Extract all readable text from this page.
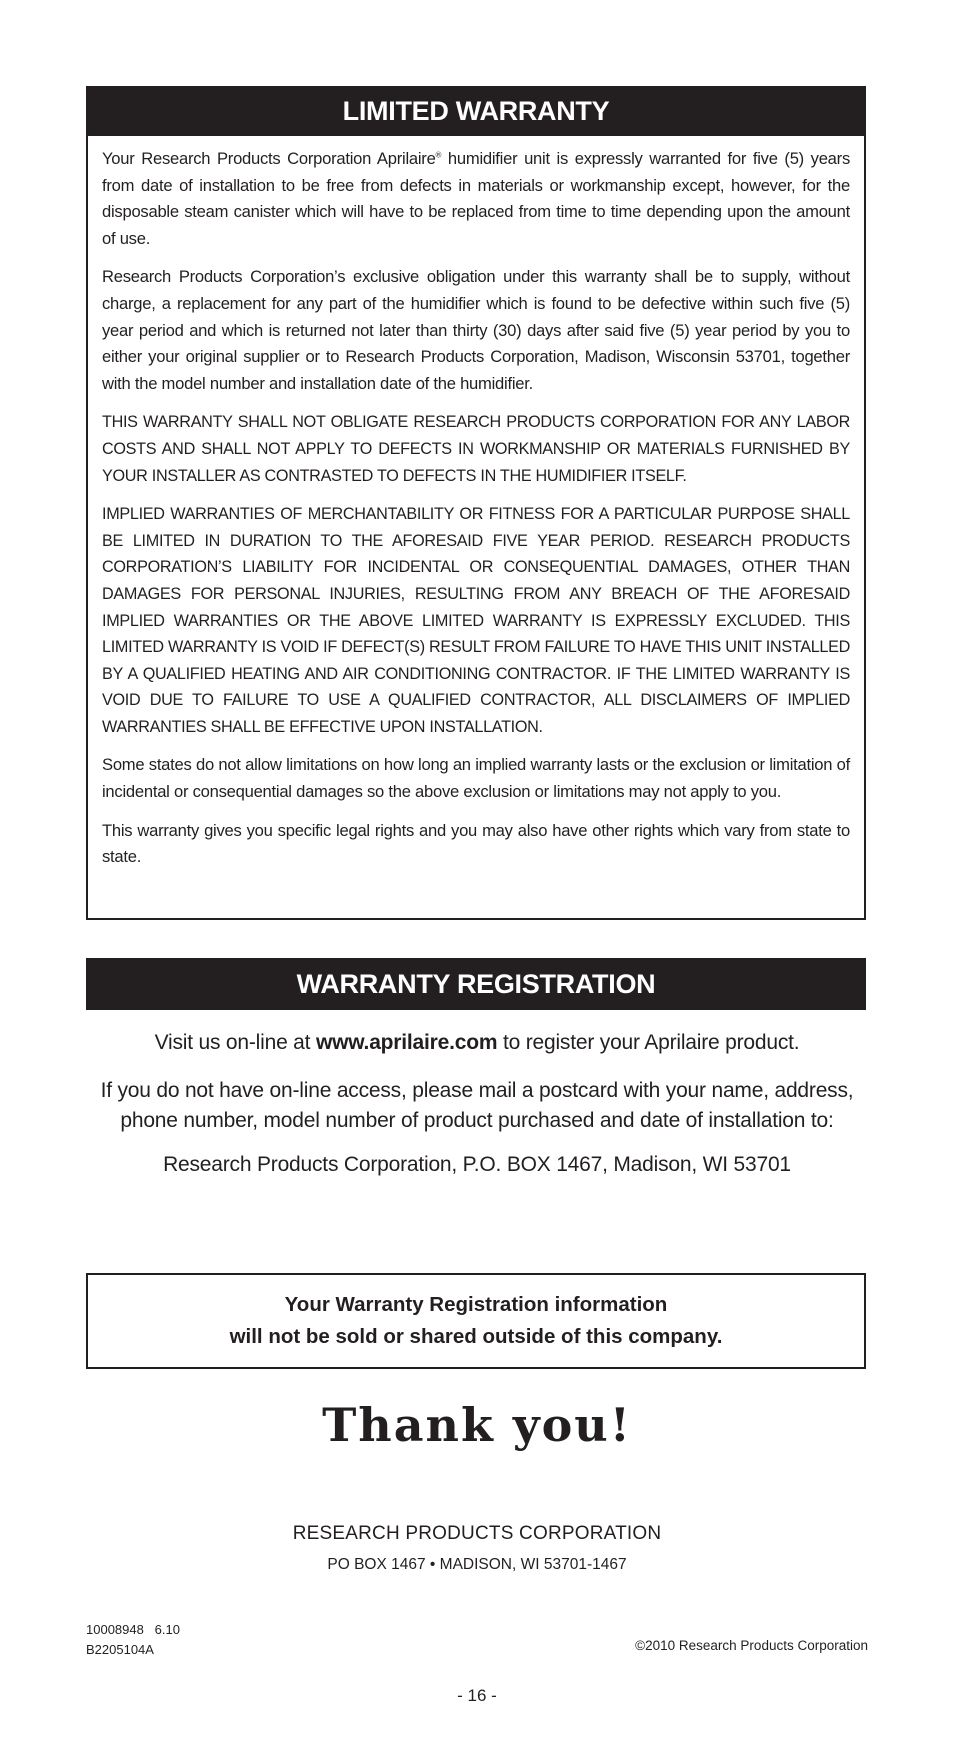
LIMITED WARRANTY

Your Research Products Corporation Aprilaire® humidifier unit is expressly warranted for five (5) years from date of installation to be free from defects in materials or workmanship except, however, for the disposable steam canister which will have to be replaced from time to time depending upon the amount of use.

Research Products Corporation’s exclusive obligation under this warranty shall be to supply, without charge, a replacement for any part of the humidifier which is found to be defective within such five (5) year period and which is returned not later than thirty (30) days after said five (5) year period by you to either your original supplier or to Research Products Corporation, Madison, Wisconsin 53701, together with the model number and installation date of the humidifier.

THIS WARRANTY SHALL NOT OBLIGATE RESEARCH PRODUCTS CORPORATION FOR ANY LABOR COSTS AND SHALL NOT APPLY TO DEFECTS IN WORKMANSHIP OR MATERIALS FURNISHED BY YOUR INSTALLER AS CONTRASTED TO DEFECTS IN THE HUMIDIFIER ITSELF.

IMPLIED WARRANTIES OF MERCHANTABILITY OR FITNESS FOR A PARTICULAR PURPOSE SHALL BE LIMITED IN DURATION TO THE AFORESAID FIVE YEAR PERIOD. RESEARCH PRODUCTS CORPORATION’S LIABILITY FOR INCIDENTAL OR CONSEQUENTIAL DAMAGES, OTHER THAN DAMAGES FOR PERSONAL INJURIES, RESULTING FROM ANY BREACH OF THE AFORESAID IMPLIED WARRANTIES OR THE ABOVE LIMITED WARRANTY IS EXPRESSLY EXCLUDED. THIS LIMITED WARRANTY IS VOID IF DEFECT(S) RESULT FROM FAILURE TO HAVE THIS UNIT INSTALLED BY A QUALIFIED HEATING AND AIR CONDITIONING CONTRACTOR. IF THE LIMITED WARRANTY IS VOID DUE TO FAILURE TO USE A QUALIFIED CONTRACTOR, ALL DISCLAIMERS OF IMPLIED WARRANTIES SHALL BE EFFECTIVE UPON INSTALLATION.

Some states do not allow limitations on how long an implied warranty lasts or the exclusion or limitation of incidental or consequential damages so the above exclusion or limitations may not apply to you.

This warranty gives you specific legal rights and you may also have other rights which vary from state to state.

WARRANTY REGISTRATION
Visit us on-line at www.aprilaire.com to register your Aprilaire product.
If you do not have on-line access, please mail a postcard with your name, address,
phone number, model number of product purchased and date of installation to:
Research Products Corporation, P.O. BOX 1467, Madison, WI 53701
Your Warranty Registration information
will not be sold or shared outside of this company.
Thank you!
RESEARCH PRODUCTS CORPORATION
PO BOX 1467 • MADISON, WI 53701-1467
10008948   6.10
B2205104A	©2010 Research Products Corporation
- 16 -
